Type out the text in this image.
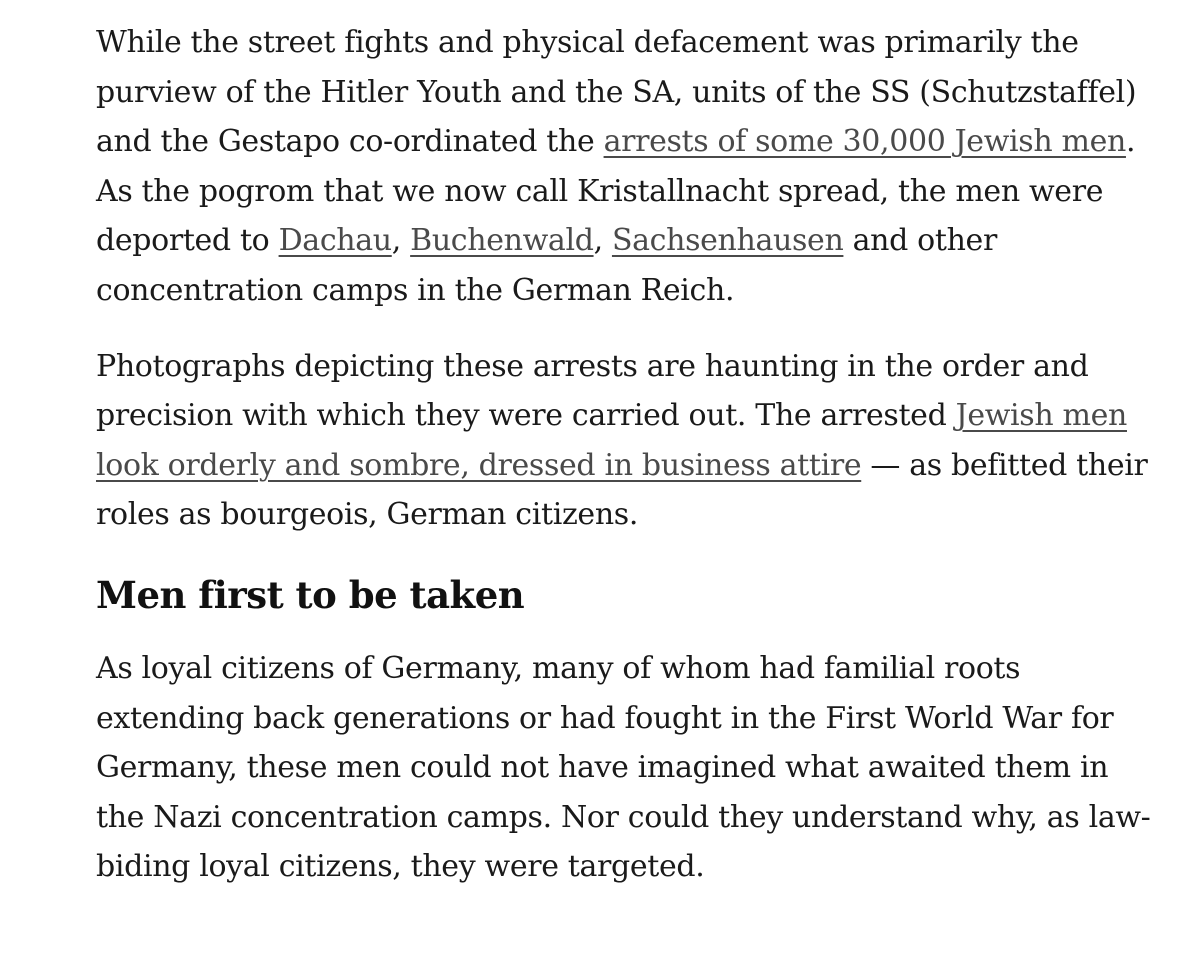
While the street fights and physical defacement was primarily the purview of the Hitler Youth and the SA, units of the SS (Schutzstaffel) and the Gestapo co-ordinated the arrests of some 30,000 Jewish men. As the pogrom that we now call Kristallnacht spread, the men were deported to Dachau, Buchenwald, Sachsenhausen and other concentration camps in the German Reich.

Photographs depicting these arrests are haunting in the order and precision with which they were carried out. The arrested Jewish men look orderly and sombre, dressed in business attire — as befitted their roles as bourgeois, German citizens.

Men first to be taken

As loyal citizens of Germany, many of whom had familial roots extending back generations or had fought in the First World War for Germany, these men could not have imagined what awaited them in the Nazi concentration camps. Nor could they understand why, as law-biding loyal citizens, they were targeted.
